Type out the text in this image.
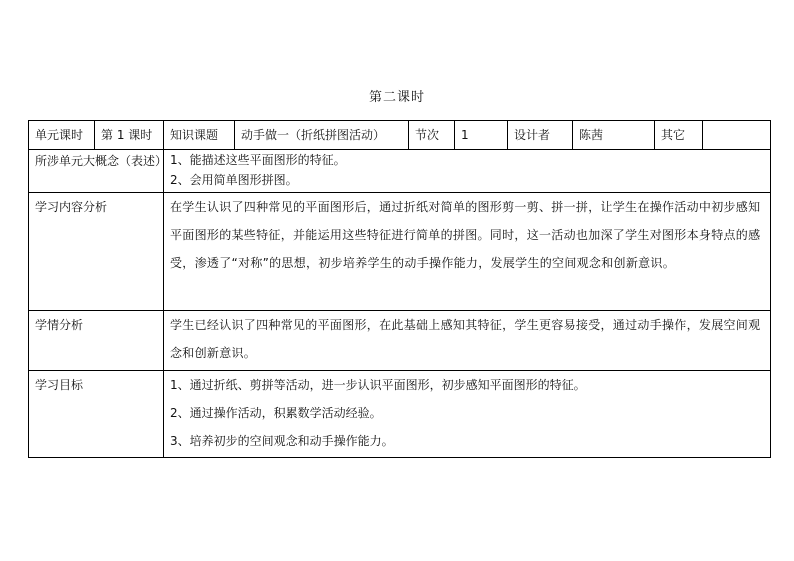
第二课时
单元课时	第 1 课时	知识课题	动手做一（折纸拼图活动）	节次	1	设计者	陈茜	其它	
所涉单元大概念（表述）		1、能描述这些平面图形的特征。
2、会用简单图形拼图。							

学习内容分析		在学生认识了四种常见的平面图形后，通过折纸对简单的图形剪一剪、拼一拼，让学生在操作活动中初步感知平面图形的某些特征，并能运用这些特征进行简单的拼图。同时，这一活动也加深了学生对图形本身特点的感受，渗透了“对称”的思想，初步培养学生的动手操作能力，发展学生的空间观念和创新意识。							
学情分析		学生已经认识了四种常见的平面图形，在此基础上感知其特征，学生更容易接受，通过动手操作，发展空间观念和创新意识。							
学习目标		1、通过折纸、剪拼等活动，进一步认识平面图形，初步感知平面图形的特征。
2、通过操作活动，积累数学活动经验。
3、培养初步的空间观念和动手操作能力。							
